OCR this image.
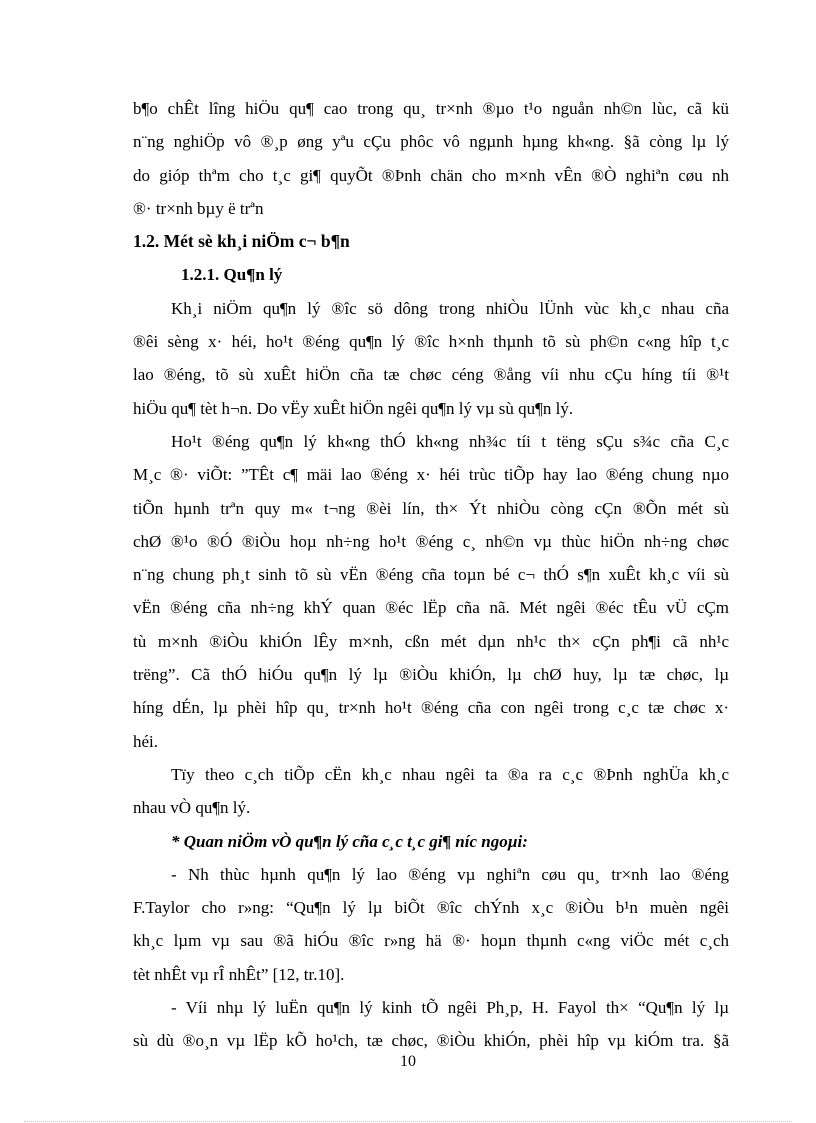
b¶o chÊt lîng hiÖu qu¶ cao trong qu¸ tr×nh ®µo t¹o nguån nh©n lùc, cã kü
n¨ng nghiÖp vô ®¸p øng yªu cÇu phôc vô ngµnh hµng kh«ng. §ã còng lµ lý
do gióp thªm cho t¸c gi¶ quyÕt ®Þnh chän cho m×nh vÊn ®Ò nghiªn cøu nh
®· tr×nh bµy ë trªn
1.2. Mét sè kh¸i niÖm c¬ b¶n
1.2.1. Qu¶n lý
Kh¸i niÖm qu¶n lý ®îc sö dông trong nhiÒu lÜnh vùc kh¸c nhau cña
®êi sèng x· héi, ho¹t ®éng qu¶n lý ®îc h×nh thµnh tõ sù ph©n c«ng hîp t¸c
lao ®éng, tõ sù xuÊt hiÖn cña tæ chøc céng ®ång víi nhu cÇu híng tíi ®¹t
hiÖu qu¶ tèt h¬n. Do vËy xuÊt hiÖn ngêi qu¶n lý vµ sù qu¶n lý.
Ho¹t ®éng qu¶n lý kh«ng thÓ kh«ng nh¾c tíi t tëng sÇu s¾c cña C¸c
M¸c ®· viÕt: ”TÊt c¶ mäi lao ®éng x· héi trùc tiÕp hay lao ®éng chung nµo
tiÕn hµnh trªn quy m« t¬ng ®èi lín, th× Ýt nhiÒu còng cÇn ®Õn mét sù
chØ ®¹o ®Ó ®iÒu hoµ nh÷ng ho¹t ®éng c¸ nh©n vµ thùc hiÖn nh÷ng chøc
n¨ng chung ph¸t sinh tõ sù vËn ®éng cña toµn bé c¬ thÓ s¶n xuÊt kh¸c víi sù
vËn ®éng cña nh÷ng khÝ quan ®éc lËp cña nã. Mét ngêi ®éc tÊu vÜ cÇm
tù m×nh ®iÒu khiÓn lÊy m×nh, cßn mét dµn nh¹c th× cÇn ph¶i cã nh¹c
trëng”. Cã thÓ hiÓu qu¶n lý lµ ®iÒu khiÓn, lµ chØ huy, lµ tæ chøc, lµ
híng dÉn, lµ phèi hîp qu¸ tr×nh ho¹t ®éng cña con ngêi trong c¸c tæ chøc x·
héi.
Tïy theo c¸ch tiÕp cËn kh¸c nhau ngêi ta ®a ra c¸c ®Þnh nghÜa kh¸c
nhau vÒ qu¶n lý.
* Quan niÖm vÒ qu¶n lý cña c¸c t¸c gi¶ níc ngoµi:
- Nh thùc hµnh qu¶n lý lao ®éng vµ nghiªn cøu qu¸ tr×nh lao ®éng
F.Taylor cho r»ng: “Qu¶n lý lµ biÕt ®îc chÝnh x¸c ®iÒu b¹n muèn ngêi
kh¸c lµm vµ sau ®ã hiÓu ®îc r»ng hä ®· hoµn thµnh c«ng viÖc mét c¸ch
tèt nhÊt vµ rÎ nhÊt” [12, tr.10].
- Víi nhµ lý luËn qu¶n lý kinh tÕ ngêi Ph¸p, H. Fayol th× “Qu¶n lý lµ
sù dù ®o¸n vµ lËp kÕ ho¹ch, tæ chøc, ®iÒu khiÓn, phèi hîp vµ kiÓm tra. §ã
10
